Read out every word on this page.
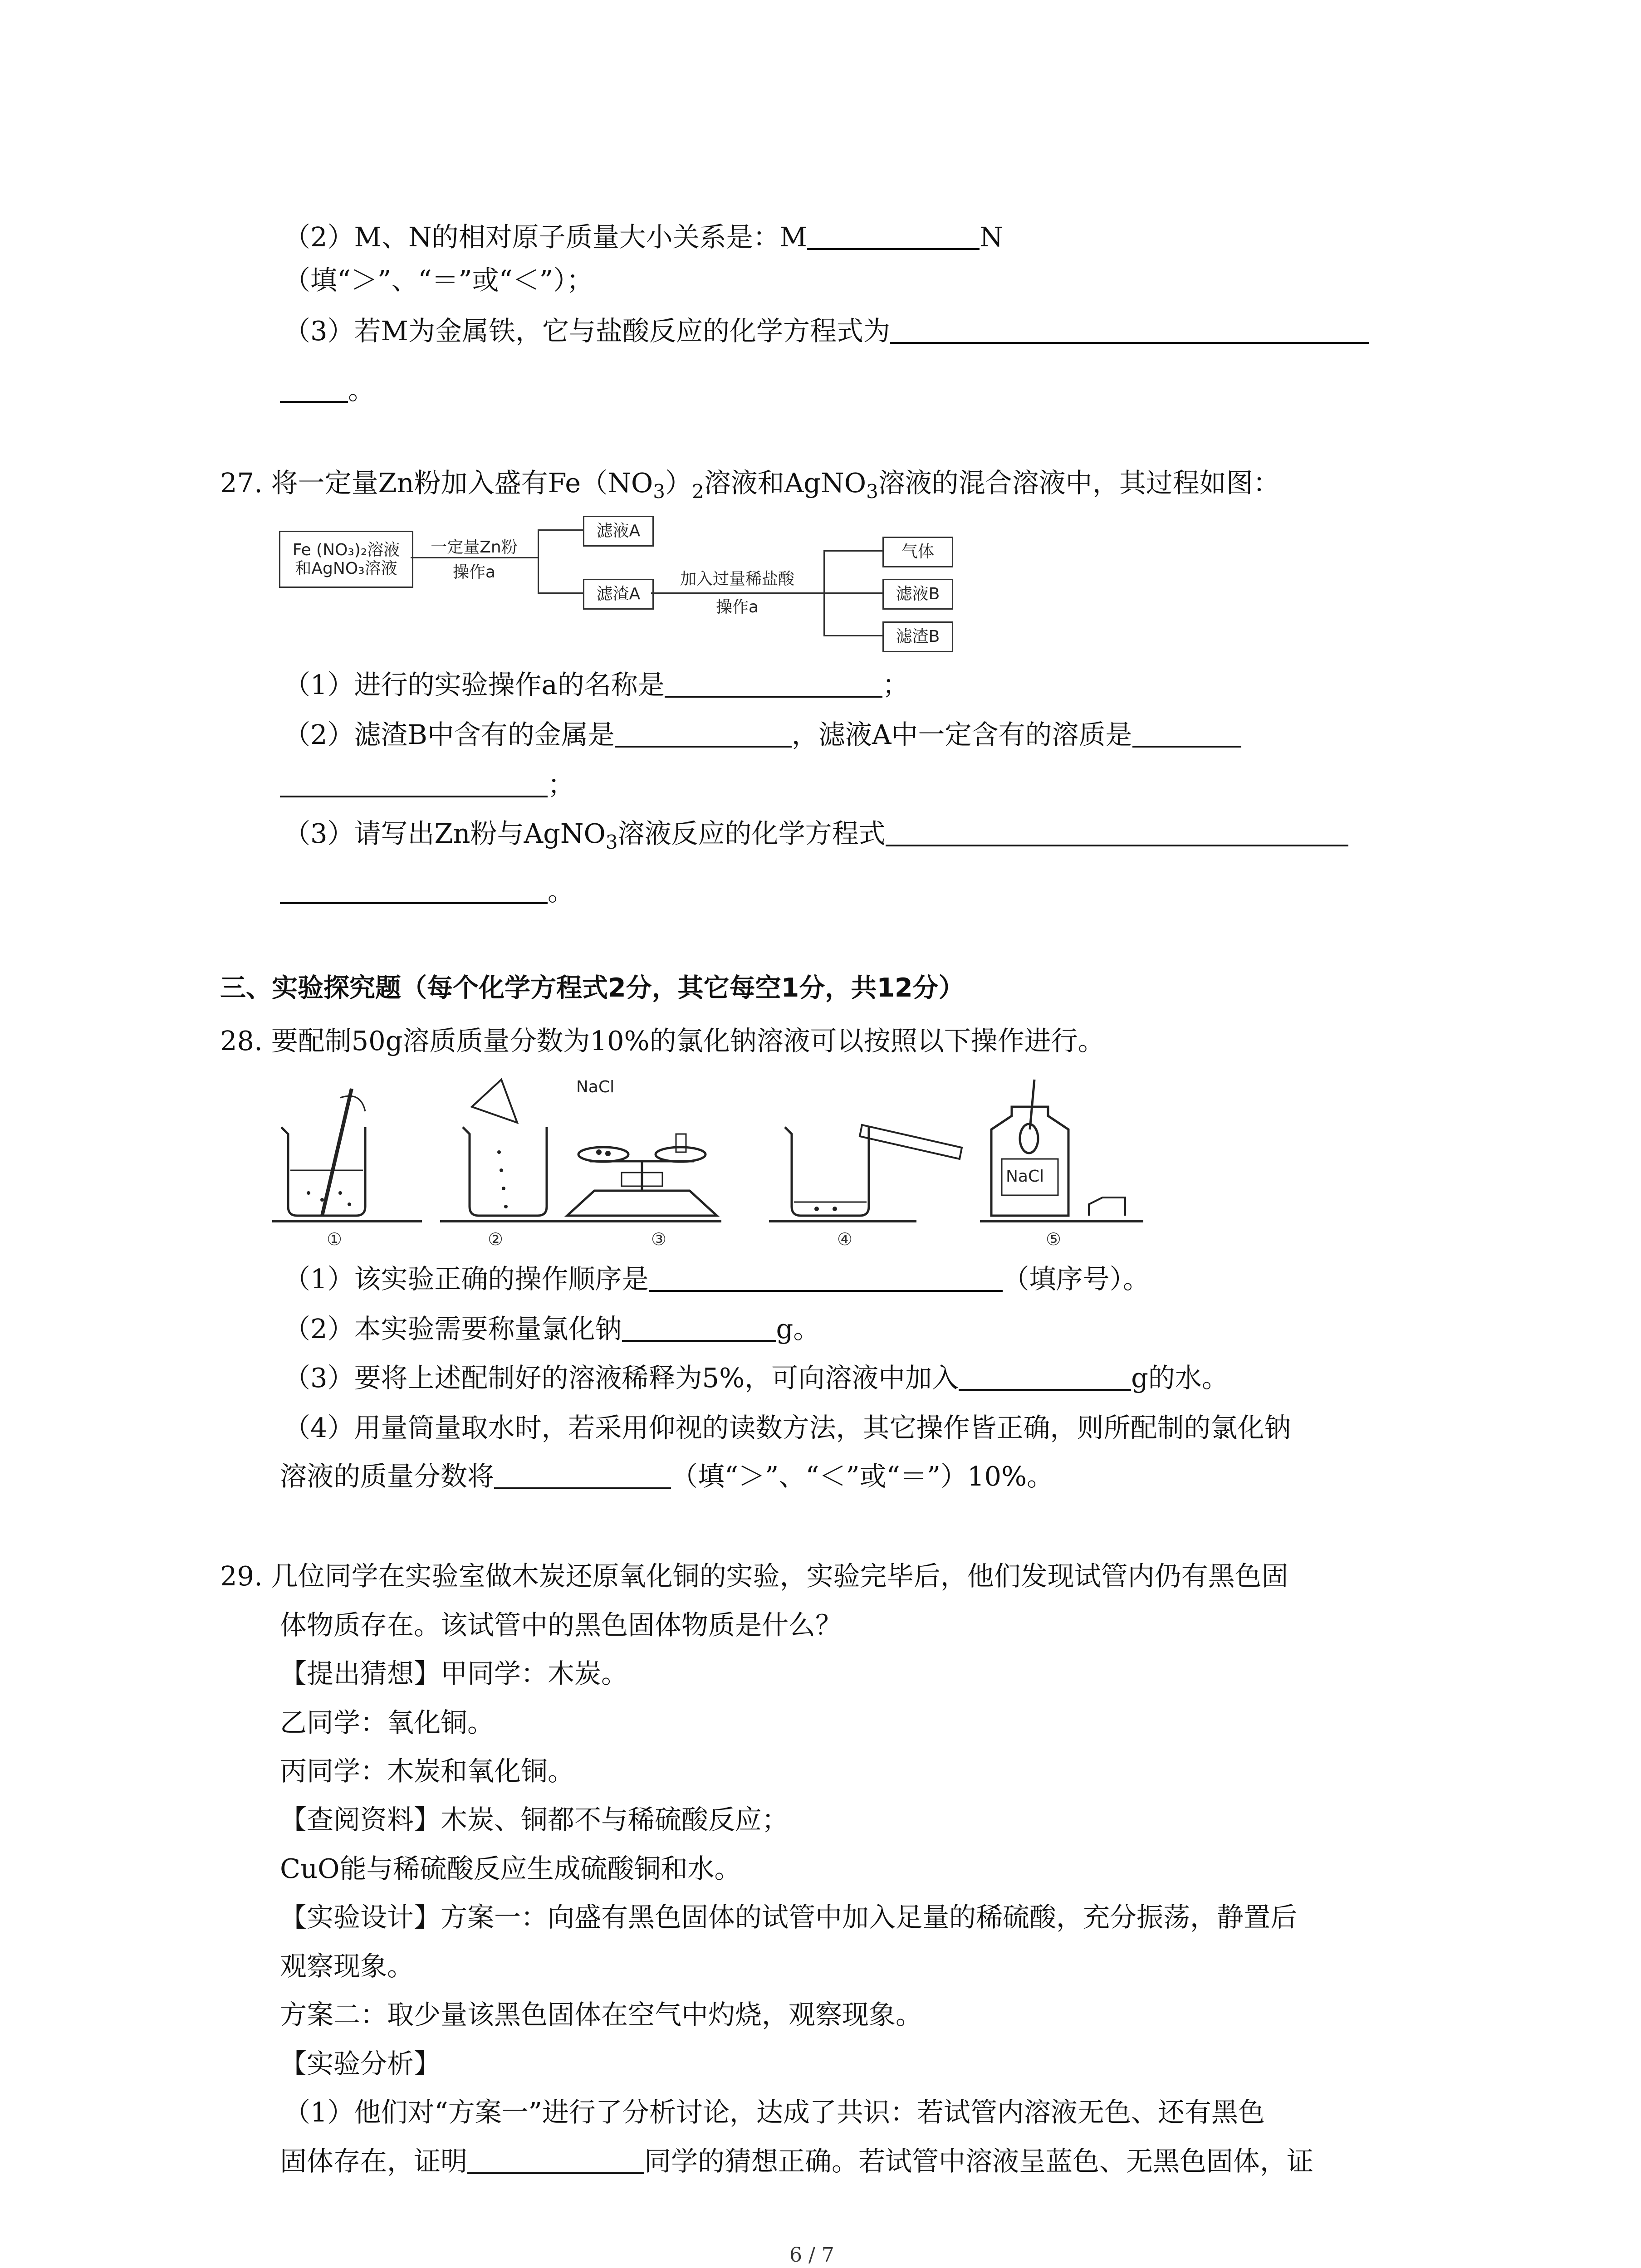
（2）M、N的相对原子质量大小关系是：M	N
（填“＞”、“＝”或“＜”）；
（3）若M为金属铁，它与盐酸反应的化学方程式为
。
27. 将一定量Zn粉加入盛有$Fe(NO_3)_2$溶液和AgNO$_3$溶液的混合溶液中，其过程如图：
Fe (NO₃)₂溶液
和AgNO₃溶液
一定量Zn粉
操作a
滤液A
滤渣A
加入过量稀盐酸
操作a
气体
滤液B
滤渣B
（1）进行的实验操作a的名称是	；
（2）滤渣B中含有的金属是	，滤液A中一定含有的溶质是
；
（3）请写出Zn粉与AgNO$_3$溶液反应的化学方程式
。
三、实验探究题（每个化学方程式2分，其它每空1分，共12分）
28. 要配制50g溶质质量分数为10%的氯化钠溶液可以按照以下操作进行。
NaCl
NaCl
①	②	③	④	⑤
（1）该实验正确的操作顺序是	（填序号）。
（2）本实验需要称量氯化钠	g。
（3）要将上述配制好的溶液稀释为5%，可向溶液中加入	g的水。
（4）用量筒量取水时，若采用仰视的读数方法，其它操作皆正确，则所配制的氯化钠
溶液的质量分数将	（填“＞”、“＜”或“＝”）10%。
29. 几位同学在实验室做木炭还原氧化铜的实验，实验完毕后，他们发现试管内仍有黑色固
体物质存在。该试管中的黑色固体物质是什么？
【提出猜想】甲同学：木炭。
乙同学：氧化铜。
丙同学：木炭和氧化铜。
【查阅资料】木炭、铜都不与稀硫酸反应；
CuO能与稀硫酸反应生成硫酸铜和水。
【实验设计】方案一：向盛有黑色固体的试管中加入足量的稀硫酸，充分振荡，静置后
观察现象。
方案二：取少量该黑色固体在空气中灼烧，观察现象。
【实验分析】
（1）他们对“方案一”进行了分析讨论，达成了共识：若试管内溶液无色、还有黑色
固体存在，证明	同学的猜想正确。若试管中溶液呈蓝色、无黑色固体，证
6 / 7
